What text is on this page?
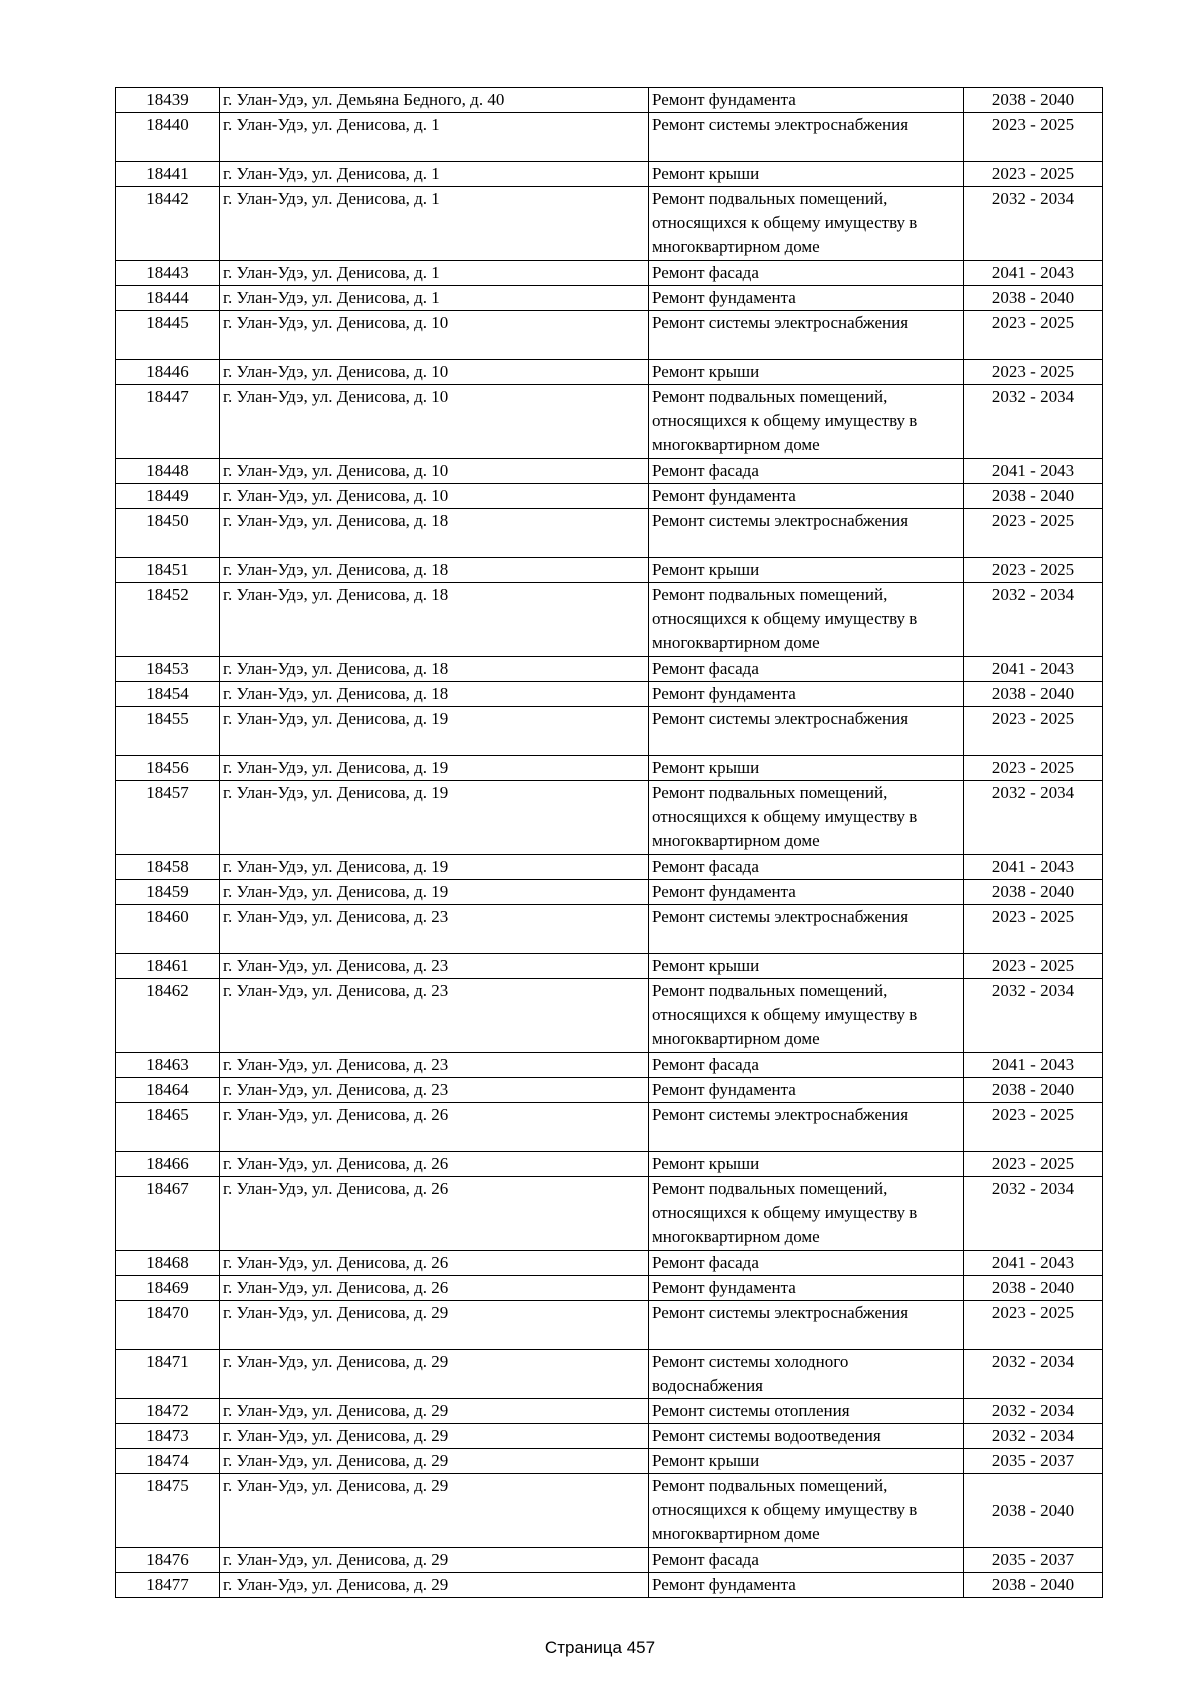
18439	г. Улан-Удэ, ул. Демьяна Бедного, д. 40	Ремонт фундамента	2038 - 2040
18440	г. Улан-Удэ, ул. Денисова, д. 1	Ремонт системы электроснабжения	2023 - 2025
18441	г. Улан-Удэ, ул. Денисова, д. 1	Ремонт крыши	2023 - 2025
18442	г. Улан-Удэ, ул. Денисова, д. 1	Ремонт подвальных помещений, относящихся к общему имуществу в многоквартирном доме	2032 - 2034
18443	г. Улан-Удэ, ул. Денисова, д. 1	Ремонт фасада	2041 - 2043
18444	г. Улан-Удэ, ул. Денисова, д. 1	Ремонт фундамента	2038 - 2040
18445	г. Улан-Удэ, ул. Денисова, д. 10	Ремонт системы электроснабжения	2023 - 2025
18446	г. Улан-Удэ, ул. Денисова, д. 10	Ремонт крыши	2023 - 2025
18447	г. Улан-Удэ, ул. Денисова, д. 10	Ремонт подвальных помещений, относящихся к общему имуществу в многоквартирном доме	2032 - 2034
18448	г. Улан-Удэ, ул. Денисова, д. 10	Ремонт фасада	2041 - 2043
18449	г. Улан-Удэ, ул. Денисова, д. 10	Ремонт фундамента	2038 - 2040
18450	г. Улан-Удэ, ул. Денисова, д. 18	Ремонт системы электроснабжения	2023 - 2025
18451	г. Улан-Удэ, ул. Денисова, д. 18	Ремонт крыши	2023 - 2025
18452	г. Улан-Удэ, ул. Денисова, д. 18	Ремонт подвальных помещений, относящихся к общему имуществу в многоквартирном доме	2032 - 2034
18453	г. Улан-Удэ, ул. Денисова, д. 18	Ремонт фасада	2041 - 2043
18454	г. Улан-Удэ, ул. Денисова, д. 18	Ремонт фундамента	2038 - 2040
18455	г. Улан-Удэ, ул. Денисова, д. 19	Ремонт системы электроснабжения	2023 - 2025
18456	г. Улан-Удэ, ул. Денисова, д. 19	Ремонт крыши	2023 - 2025
18457	г. Улан-Удэ, ул. Денисова, д. 19	Ремонт подвальных помещений, относящихся к общему имуществу в многоквартирном доме	2032 - 2034
18458	г. Улан-Удэ, ул. Денисова, д. 19	Ремонт фасада	2041 - 2043
18459	г. Улан-Удэ, ул. Денисова, д. 19	Ремонт фундамента	2038 - 2040
18460	г. Улан-Удэ, ул. Денисова, д. 23	Ремонт системы электроснабжения	2023 - 2025
18461	г. Улан-Удэ, ул. Денисова, д. 23	Ремонт крыши	2023 - 2025
18462	г. Улан-Удэ, ул. Денисова, д. 23	Ремонт подвальных помещений, относящихся к общему имуществу в многоквартирном доме	2032 - 2034
18463	г. Улан-Удэ, ул. Денисова, д. 23	Ремонт фасада	2041 - 2043
18464	г. Улан-Удэ, ул. Денисова, д. 23	Ремонт фундамента	2038 - 2040
18465	г. Улан-Удэ, ул. Денисова, д. 26	Ремонт системы электроснабжения	2023 - 2025
18466	г. Улан-Удэ, ул. Денисова, д. 26	Ремонт крыши	2023 - 2025
18467	г. Улан-Удэ, ул. Денисова, д. 26	Ремонт подвальных помещений, относящихся к общему имуществу в многоквартирном доме	2032 - 2034
18468	г. Улан-Удэ, ул. Денисова, д. 26	Ремонт фасада	2041 - 2043
18469	г. Улан-Удэ, ул. Денисова, д. 26	Ремонт фундамента	2038 - 2040
18470	г. Улан-Удэ, ул. Денисова, д. 29	Ремонт системы электроснабжения	2023 - 2025
18471	г. Улан-Удэ, ул. Денисова, д. 29	Ремонт системы холодного водоснабжения	2032 - 2034
18472	г. Улан-Удэ, ул. Денисова, д. 29	Ремонт системы отопления	2032 - 2034
18473	г. Улан-Удэ, ул. Денисова, д. 29	Ремонт системы водоотведения	2032 - 2034
18474	г. Улан-Удэ, ул. Денисова, д. 29	Ремонт крыши	2035 - 2037
18475	г. Улан-Удэ, ул. Денисова, д. 29	Ремонт подвальных помещений, относящихся к общему имуществу в многоквартирном доме	2038 - 2040
18476	г. Улан-Удэ, ул. Денисова, д. 29	Ремонт фасада	2035 - 2037
18477	г. Улан-Удэ, ул. Денисова, д. 29	Ремонт фундамента	2038 - 2040
Страница 457
